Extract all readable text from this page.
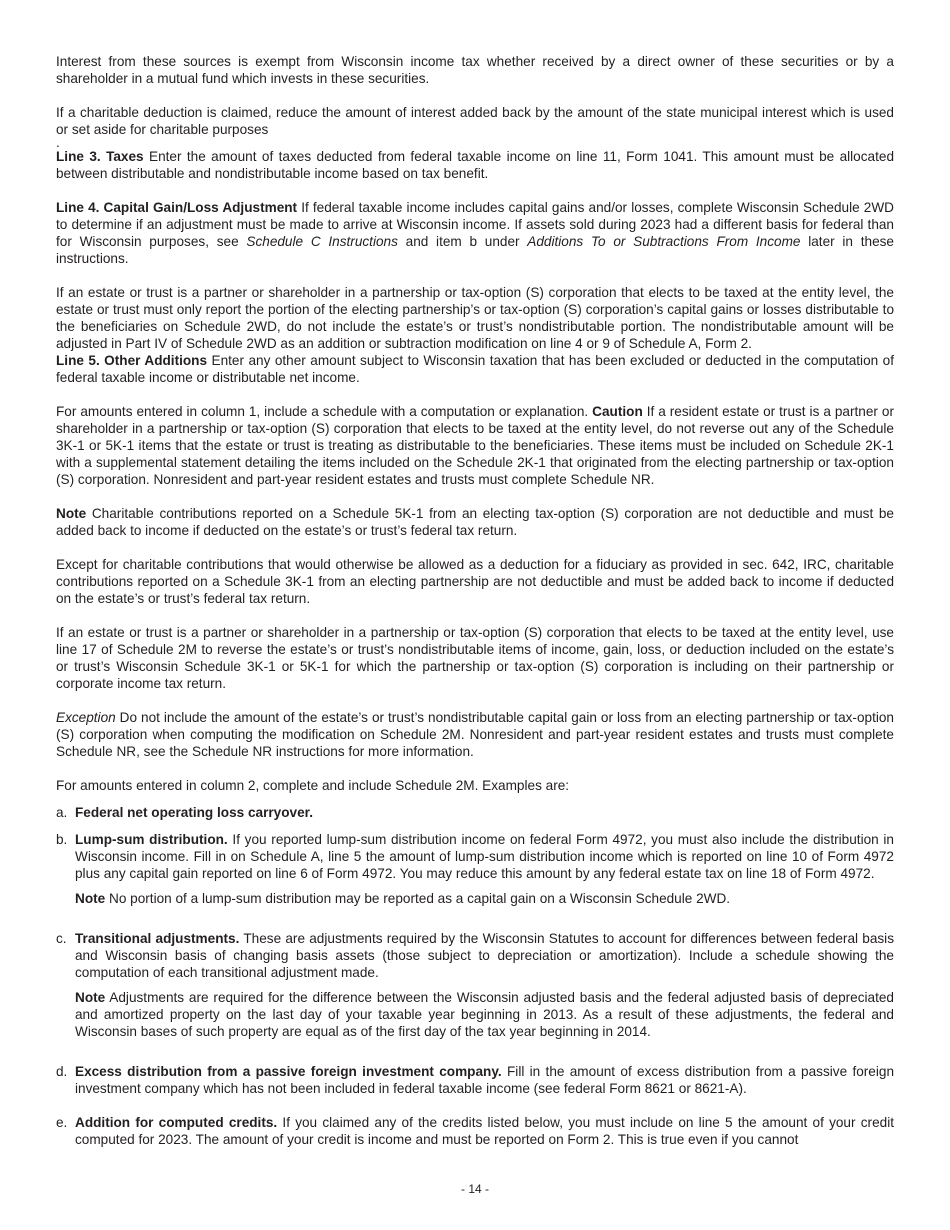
Interest from these sources is exempt from Wisconsin income tax whether received by a direct owner of these securities or by a shareholder in a mutual fund which invests in these securities.

If a charitable deduction is claimed, reduce the amount of interest added back by the amount of the state municipal interest which is used or set aside for charitable purposes

.

Line 3. Taxes Enter the amount of taxes deducted from federal taxable income on line 11, Form 1041. This amount must be allocated between distributable and nondistributable income based on tax benefit.

Line 4. Capital Gain/Loss Adjustment If federal taxable income includes capital gains and/or losses, complete Wisconsin Schedule 2WD to determine if an adjustment must be made to arrive at Wisconsin income. If assets sold during 2023 had a different basis for federal than for Wisconsin purposes, see Schedule C Instructions and item b under Additions To or Subtractions From Income later in these instructions.

If an estate or trust is a partner or shareholder in a partnership or tax-option (S) corporation that elects to be taxed at the entity level, the estate or trust must only report the portion of the electing partnership’s or tax-option (S) corporation’s capital gains or losses distributable to the beneficiaries on Schedule 2WD, do not include the estate’s or trust’s nondistributable portion. The nondistributable amount will be adjusted in Part IV of Schedule 2WD as an addition or subtraction modification on line 4 or 9 of Schedule A, Form 2.

Line 5. Other Additions Enter any other amount subject to Wisconsin taxation that has been excluded or deducted in the computation of federal taxable income or distributable net income.

For amounts entered in column 1, include a schedule with a computation or explanation. Caution If a resident estate or trust is a partner or shareholder in a partnership or tax-option (S) corporation that elects to be taxed at the entity level, do not reverse out any of the Schedule 3K-1 or 5K-1 items that the estate or trust is treating as distributable to the beneficiaries. These items must be included on Schedule 2K-1 with a supplemental statement detailing the items included on the Schedule 2K-1 that originated from the electing partnership or tax-option (S) corporation. Nonresident and part-year resident estates and trusts must complete Schedule NR.

Note Charitable contributions reported on a Schedule 5K-1 from an electing tax-option (S) corporation are not deductible and must be added back to income if deducted on the estate’s or trust’s federal tax return.

Except for charitable contributions that would otherwise be allowed as a deduction for a fiduciary as provided in sec. 642, IRC, charitable contributions reported on a Schedule 3K-1 from an electing partnership are not deductible and must be added back to income if deducted on the estate’s or trust’s federal tax return.

If an estate or trust is a partner or shareholder in a partnership or tax-option (S) corporation that elects to be taxed at the entity level, use line 17 of Schedule 2M to reverse the estate’s or trust’s nondistributable items of income, gain, loss, or deduction included on the estate’s or trust’s Wisconsin Schedule 3K-1 or 5K-1 for which the partnership or tax-option (S) corporation is including on their partnership or corporate income tax return.

Exception Do not include the amount of the estate’s or trust’s nondistributable capital gain or loss from an electing partnership or tax-option (S) corporation when computing the modification on Schedule 2M. Nonresident and part-year resident estates and trusts must complete Schedule NR, see the Schedule NR instructions for more information.

For amounts entered in column 2, complete and include Schedule 2M. Examples are:

a. Federal net operating loss carryover.
b. Lump-sum distribution. If you reported lump-sum distribution income on federal Form 4972, you must also include the distribution in Wisconsin income. Fill in on Schedule A, line 5 the amount of lump-sum distribution income which is reported on line 10 of Form 4972 plus any capital gain reported on line 6 of Form 4972. You may reduce this amount by any federal estate tax on line 18 of Form 4972.
Note No portion of a lump-sum distribution may be reported as a capital gain on a Wisconsin Schedule 2WD.
c. Transitional adjustments. These are adjustments required by the Wisconsin Statutes to account for differences between federal basis and Wisconsin basis of changing basis assets (those subject to depreciation or amortization). Include a schedule showing the computation of each transitional adjustment made.
Note Adjustments are required for the difference between the Wisconsin adjusted basis and the federal adjusted basis of depreciated and amortized property on the last day of your taxable year beginning in 2013. As a result of these adjustments, the federal and Wisconsin bases of such property are equal as of the first day of the tax year beginning in 2014.
d. Excess distribution from a passive foreign investment company. Fill in the amount of excess distribution from a passive foreign investment company which has not been included in federal taxable income (see federal Form 8621 or 8621-A).
e. Addition for computed credits. If you claimed any of the credits listed below, you must include on line 5 the amount of your credit computed for 2023. The amount of your credit is income and must be reported on Form 2. This is true even if you cannot
- 14 -
